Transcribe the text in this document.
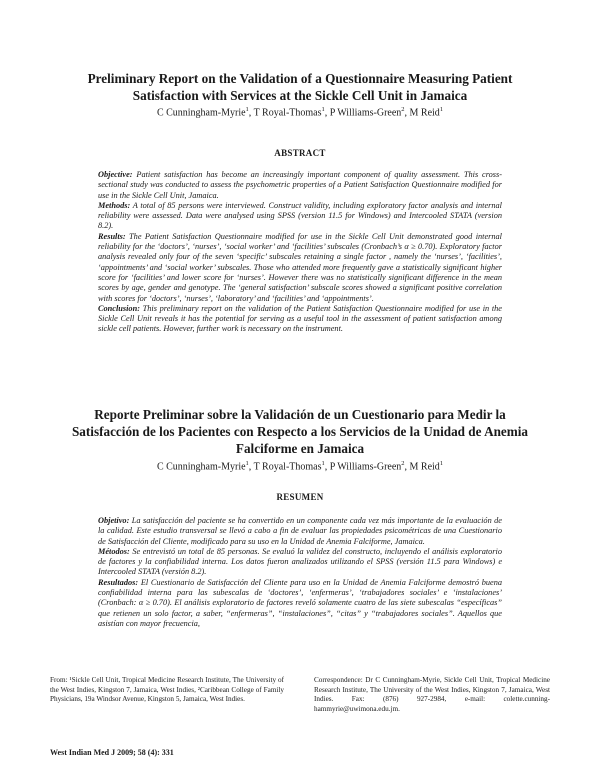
Preliminary Report on the Validation of a Questionnaire Measuring Patient Satisfaction with Services at the Sickle Cell Unit in Jamaica
C Cunningham-Myrie$^1$, T Royal-Thomas$^1$, P Williams-Green$^2$, M Reid$^1$
ABSTRACT

Objective: Patient satisfaction has become an increasingly important component of quality assessment. This cross-sectional study was conducted to assess the psychometric properties of a Patient Satisfaction Questionnaire modified for use in the Sickle Cell Unit, Jamaica.

Methods: A total of 85 persons were interviewed. Construct validity, including exploratory factor analysis and internal reliability were assessed. Data were analysed using SPSS (version 11.5 for Windows) and Intercooled STATA (version 8.2).

Results: The Patient Satisfaction Questionnaire modified for use in the Sickle Cell Unit demonstrated good internal reliability for the ‘doctors’, ‘nurses’, ‘social worker’ and ‘facilities’ subscales (Cronbach’s α ≥ 0.70). Exploratory factor analysis revealed only four of the seven ‘specific’ subscales retaining a single factor , namely the ‘nurses’, ‘facilities’, ‘appointments’ and ‘social worker’ subscales. Those who attended more frequently gave a statistically significant higher score for ‘facilities’ and lower score for ‘nurses’. However there was no statistically significant difference in the mean scores by age, gender and genotype. The ‘general satisfaction’ subscale scores showed a significant positive correlation with scores for ‘doctors’, ‘nurses’, ‘laboratory’ and ‘facilities’ and ‘appointments’.

Conclusion: This preliminary report on the validation of the Patient Satisfaction Questionnaire modified for use in the Sickle Cell Unit reveals it has the potential for serving as a useful tool in the assessment of patient satisfaction among sickle cell patients. However, further work is necessary on the instrument.

Reporte Preliminar sobre la Validación de un Cuestionario para Medir la Satisfacción de los Pacientes con Respecto a los Servicios de la Unidad de Anemia Falciforme en Jamaica
C Cunningham-Myrie$^1$, T Royal-Thomas$^1$, P Williams-Green$^2$, M Reid$^1$
RESUMEN

Objetivo: La satisfacción del paciente se ha convertido en un componente cada vez más importante de la evaluación de la calidad. Este estudio transversal se llevó a cabo a fin de evaluar las propiedades psicométricas de una Cuestionario de Satisfacción del Cliente, modificado para su uso en la Unidad de Anemia Falciforme, Jamaica.

Métodos: Se entrevistó un total de 85 personas. Se evaluó la validez del constructo, incluyendo el análisis exploratorio de factores y la confiabilidad interna. Los datos fueron analizados utilizando el SPSS (versión 11.5 para Windows) e Intercooled STATA (versión 8.2).

Resultados: El Cuestionario de Satisfacción del Cliente para uso en la Unidad de Anemia Falciforme demostró buena confiabilidad interna para las subescalas de ‘doctores’, ‘enfermeras’, ‘trabajadores sociales’ e ‘instalaciones’ (Cronbach: α ≥ 0.70). El análisis exploratorio de factores reveló solamente cuatro de las siete subescalas “específicas” que retienen un solo factor, a saber, “enfermeras”, “instalaciones”, “citas” y “trabajadores sociales”. Aquellos que asistían con mayor frecuencia,

From: ¹Sickle Cell Unit, Tropical Medicine Research Institute, The University of the West Indies, Kingston 7, Jamaica, West Indies, ²Caribbean College of Family Physicians, 19a Windsor Avenue, Kingston 5, Jamaica, West Indies.

Correspondence: Dr C Cunningham-Myrie, Sickle Cell Unit, Tropical Medicine Research Institute, The University of the West Indies, Kingston 7, Jamaica, West Indies. Fax: (876) 927-2984, e-mail: colette.cunning-hammyrie@uwimona.edu.jm.

West Indian Med J 2009; 58 (4): 331
